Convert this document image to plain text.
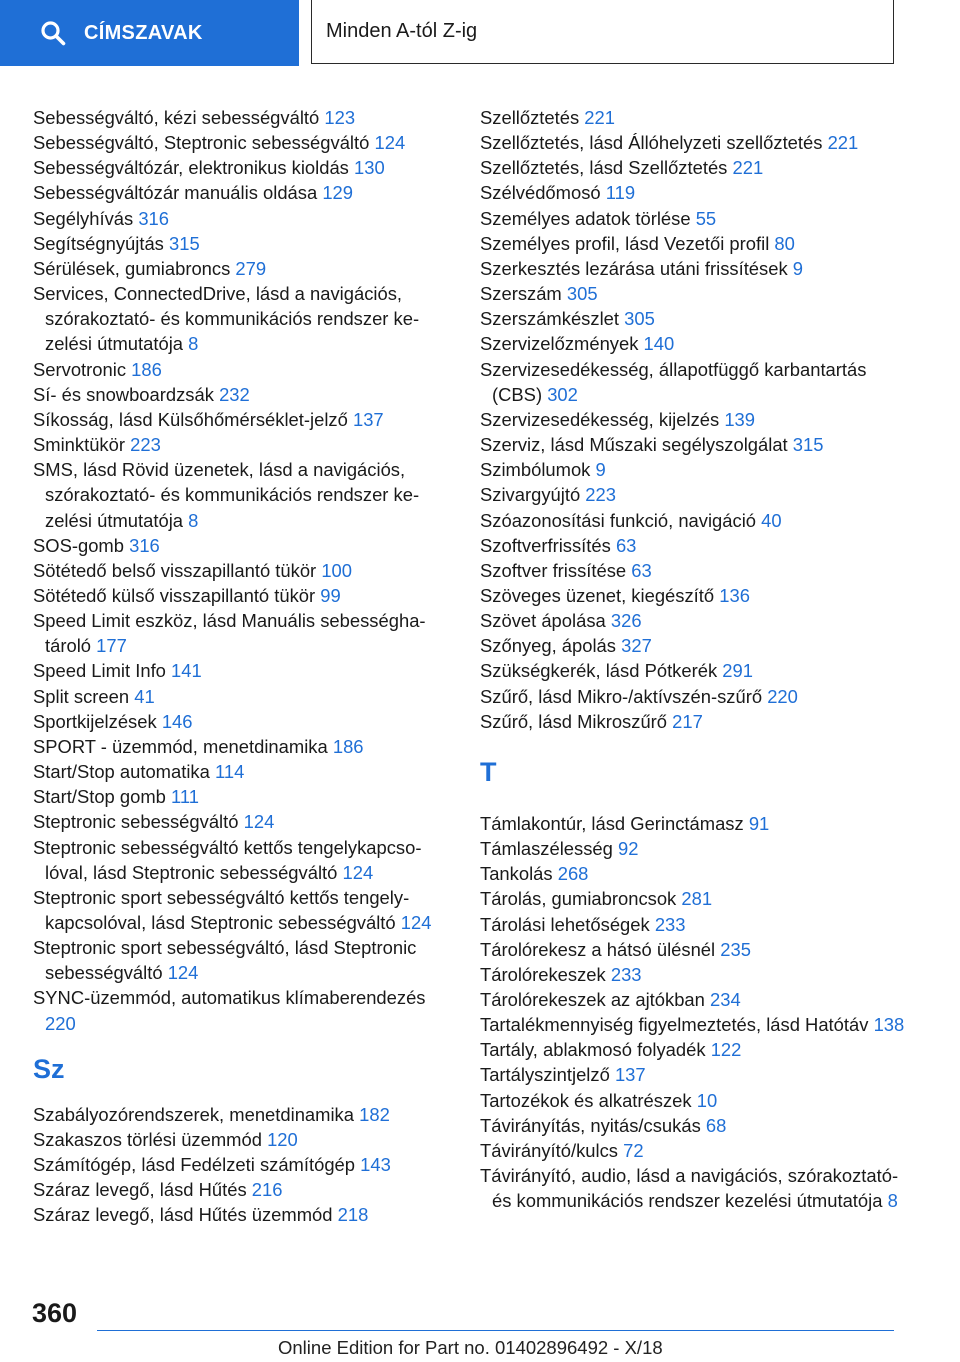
CÍMSZAVAK	Minden A-tól Z-ig
Sebességváltó, kézi sebességváltó 123
Sebességváltó, Steptronic sebességváltó 124
Sebességváltózár, elektronikus kioldás 130
Sebességváltózár manuális oldása 129
Segélyhívás 316
Segítségnyújtás 315
Sérülések, gumiabroncs 279
Services, ConnectedDrive, lásd a navigációs, szórakoztató- és kommunikációs rendszer kezelési útmutatója 8
Servotronic 186
Sí- és snowboardzsák 232
Síkosság, lásd Külsőhőmérséklet-jelző 137
Sminktükör 223
SMS, lásd Rövid üzenetek, lásd a navigációs, szórakoztató- és kommunikációs rendszer kezelési útmutatója 8
SOS-gomb 316
Sötétedő belső visszapillantó tükör 100
Sötétedő külső visszapillantó tükör 99
Speed Limit eszköz, lásd Manuális sebességhatároló 177
Speed Limit Info 141
Split screen 41
Sportkijelzések 146
SPORT - üzemmód, menetdinamika 186
Start/Stop automatika 114
Start/Stop gomb 111
Steptronic sebességváltó 124
Steptronic sebességváltó kettős tengelykapcsolóval, lásd Steptronic sebességváltó 124
Steptronic sport sebességváltó kettős tengelykapcsolóval, lásd Steptronic sebességváltó 124
Steptronic sport sebességváltó, lásd Steptronic sebességváltó 124
SYNC-üzemmód, automatikus klímaberendezés 220
Sz
Szabályozórendszerek, menetdinamika 182
Szakaszos törlési üzemmód 120
Számítógép, lásd Fedélzeti számítógép 143
Száraz levegő, lásd Hűtés 216
Száraz levegő, lásd Hűtés üzemmód 218
Szellőztetés 221
Szellőztetés, lásd Állóhelyzeti szellőztetés 221
Szellőztetés, lásd Szellőztetés 221
Szélvédőmosó 119
Személyes adatok törlése 55
Személyes profil, lásd Vezetői profil 80
Szerkesztés lezárása utáni frissítések 9
Szerszám 305
Szerszámkészlet 305
Szervizelőzmények 140
Szervizesedékesség, állapotfüggő karbantartás (CBS) 302
Szervizesedékesség, kijelzés 139
Szerviz, lásd Műszaki segélyszolgálat 315
Szimbólumok 9
Szivargyújtó 223
Szóazonosítási funkció, navigáció 40
Szoftverfrissítés 63
Szoftver frissítése 63
Szöveges üzenet, kiegészítő 136
Szövet ápolása 326
Szőnyeg, ápolás 327
Szükségkerék, lásd Pótkerék 291
Szűrő, lásd Mikro-/aktívszén-szűrő 220
Szűrő, lásd Mikroszűrő 217
T
Támlakontúr, lásd Gerinctámasz 91
Támlaszélesség 92
Tankolás 268
Tárolás, gumiabroncsok 281
Tárolási lehetőségek 233
Tárolórekesz a hátsó ülésnél 235
Tárolórekeszek 233
Tárolórekeszek az ajtókban 234
Tartalékmennyiség figyelmeztetés, lásd Hatótáv 138
Tartály, ablakmosó folyadék 122
Tartályszintjelző 137
Tartozékok és alkatrészek 10
Távirányítás, nyitás/csukás 68
Távirányító/kulcs 72
Távirányító, audio, lásd a navigációs, szórakoztató- és kommunikációs rendszer kezelési útmutatója 8
360
Online Edition for Part no. 01402896492 - X/18
